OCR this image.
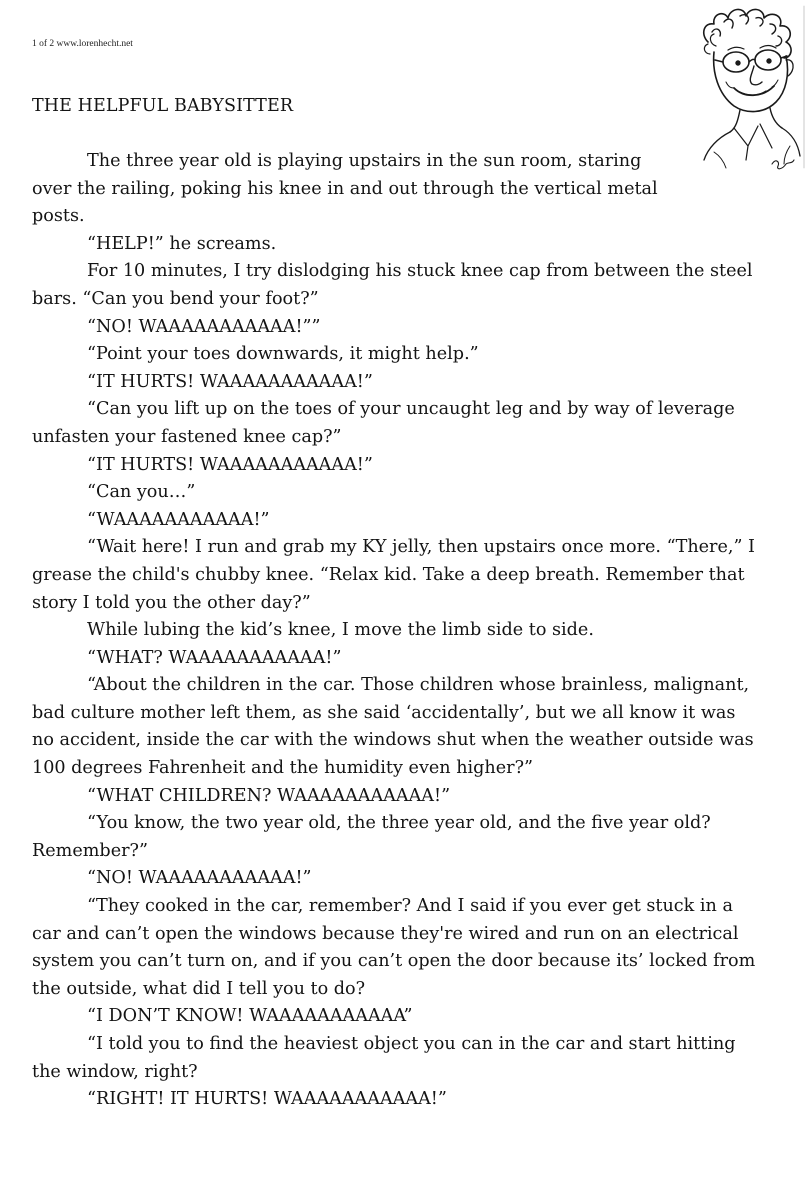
1 of 2 www.lorenhecht.net
THE HELPFUL BABYSITTER

The three year old is playing upstairs in the sun room, staring over the railing, poking his knee in and out through the vertical metal posts.

“HELP!” he screams.

For 10 minutes, I try dislodging his stuck knee cap from between the steel bars. “Can you bend your foot?”

“NO! WAAAAAAAAAAA!””

“Point your toes downwards, it might help.”

“IT HURTS! WAAAAAAAAAAA!”

“Can you lift up on the toes of your uncaught leg and by way of leverage unfasten your fastened knee cap?”

“IT HURTS! WAAAAAAAAAAA!”

“Can you…”

“WAAAAAAAAAAA!”

“Wait here! I run and grab my KY jelly, then upstairs once more. “There,” I grease the child's chubby knee. “Relax kid. Take a deep breath. Remember that story I told you the other day?”

While lubing the kid’s knee, I move the limb side to side.

“WHAT? WAAAAAAAAAAA!”

“About the children in the car. Those children whose brainless, malignant, bad culture mother left them, as she said ‘accidentally’, but we all know it was no accident, inside the car with the windows shut when the weather outside was 100 degrees Fahrenheit and the humidity even higher?”

“WHAT CHILDREN? WAAAAAAAAAAA!”

“You know, the two year old, the three year old, and the five year old? Remember?”

“NO! WAAAAAAAAAAA!”

“They cooked in the car, remember? And I said if you ever get stuck in a car and can’t open the windows because they're wired and run on an electrical system you can’t turn on, and if you can’t open the door because its’ locked from the outside, what did I tell you to do?

“I DON’T KNOW! WAAAAAAAAAAA”

“I told you to find the heaviest object you can in the car and start hitting the window, right?

“RIGHT! IT HURTS! WAAAAAAAAAAA!”
